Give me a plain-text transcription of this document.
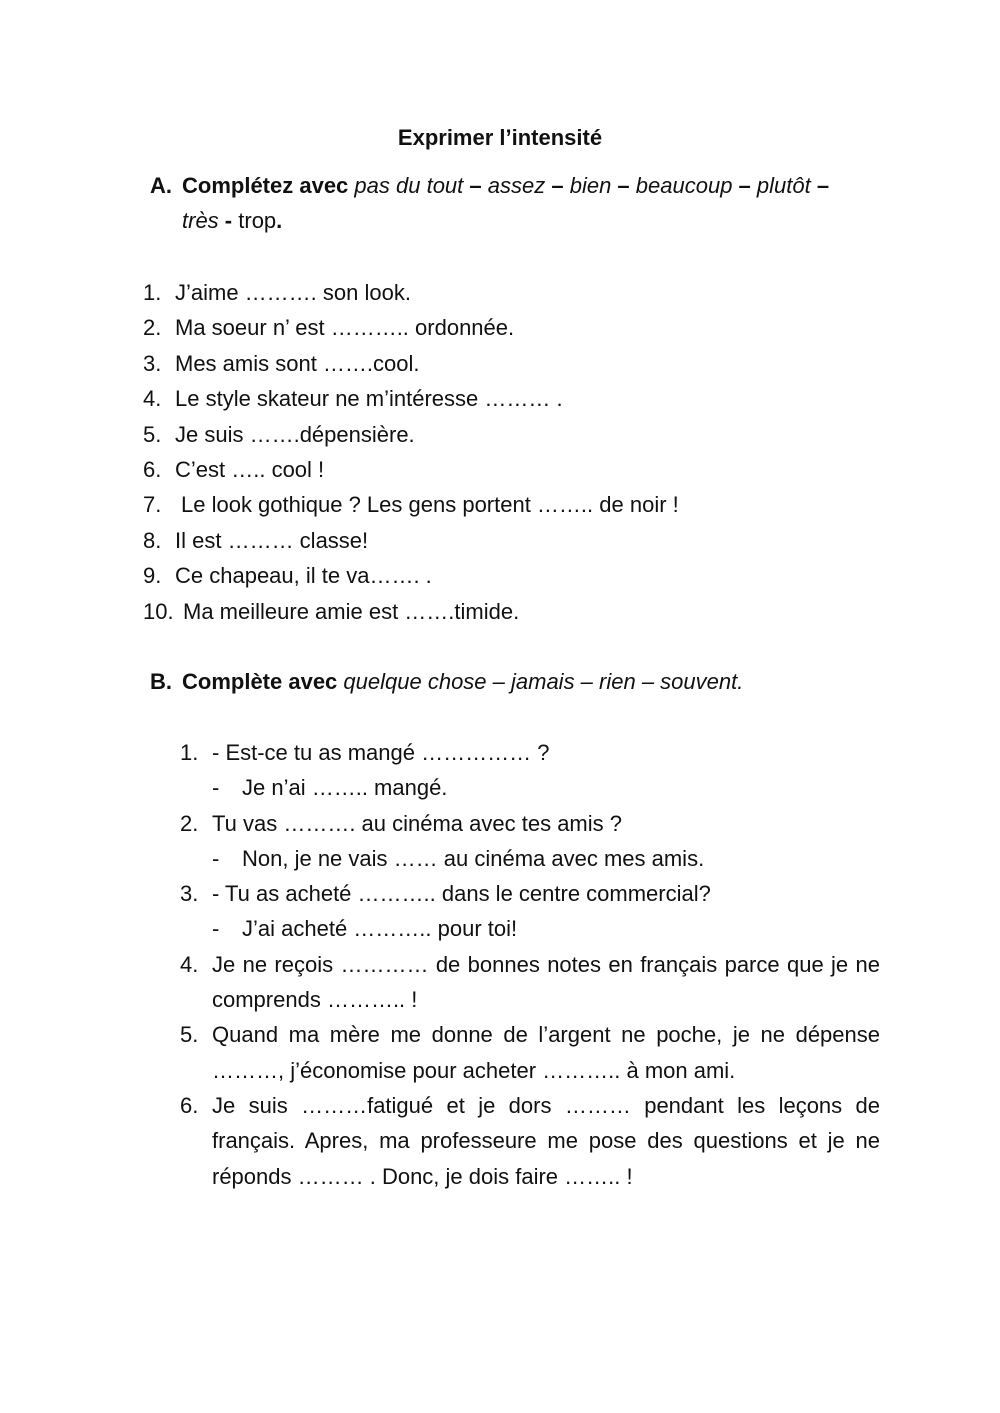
Exprimer l’intensité
A. Complétez avec pas du tout – assez – bien – beaucoup – plutôt –
très - trop.
1. J’aime ………. son look.
2. Ma soeur n’ est ……….. ordonnée.
3. Mes amis sont …….cool.
4. Le style skateur ne m’intéresse ……… .
5. Je suis …….dépensière.
6. C’est ….. cool !
7. Le look gothique ? Les gens portent …….. de noir !
8. Il est ……… classe!
9. Ce chapeau, il te va……. .
10. Ma meilleure amie est …….timide.
B. Complète avec quelque chose – jamais – rien – souvent.
1. - Est-ce tu as mangé …………… ?
- Je n’ai …….. mangé.
2. Tu vas ………. au cinéma avec tes amis ?
- Non, je ne vais …… au cinéma avec mes amis.
3. - Tu as acheté ……….. dans le centre commercial?
- J’ai acheté ……….. pour toi!
4. Je ne reçois ………… de bonnes notes en français parce que je ne comprends ……….. !
5. Quand ma mère me donne de l’argent ne poche, je ne dépense ………, j’économise pour acheter ……….. à mon ami.
6. Je suis ………fatigué et je dors ……… pendant les leçons de français. Apres, ma professeure me pose des questions et je ne réponds ……… . Donc, je dois faire …….. !
